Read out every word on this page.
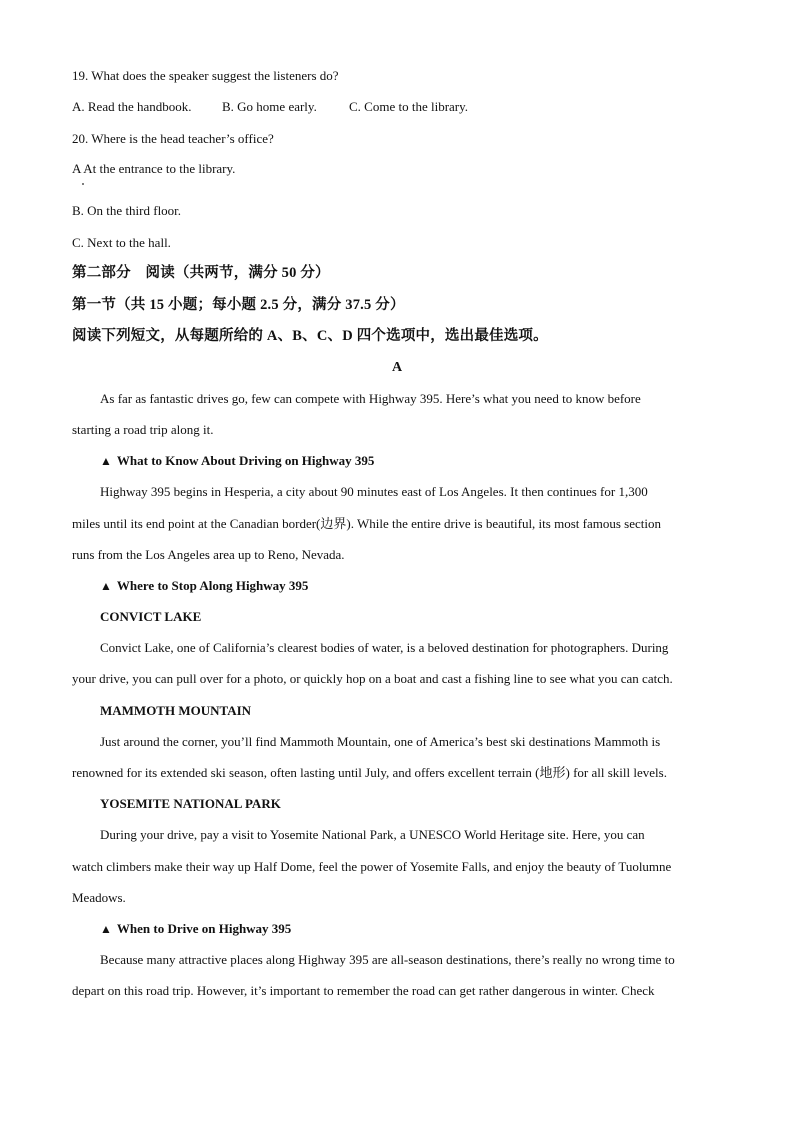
19. What does the speaker suggest the listeners do?
A. Read the handbook. B. Go home early. C. Come to the library.
20. Where is the head teacher’s office?
A At the entrance to the library.
B. On the third floor.
C. Next to the hall.
第二部分　阅读（共两节，满分 50 分）
第一节（共 15 小题；每小题 2.5 分，满分 37.5 分）
阅读下列短文，从每题所给的 A、B、C、D 四个选项中，选出最佳选项。
A
As far as fantastic drives go, few can compete with Highway 395. Here’s what you need to know before
starting a road trip along it.
▲ What to Know About Driving on Highway 395
Highway 395 begins in Hesperia, a city about 90 minutes east of Los Angeles. It then continues for 1,300
miles until its end point at the Canadian border(边界). While the entire drive is beautiful, its most famous section
runs from the Los Angeles area up to Reno, Nevada.
▲ Where to Stop Along Highway 395
CONVICT LAKE
Convict Lake, one of California’s clearest bodies of water, is a beloved destination for photographers. During
your drive, you can pull over for a photo, or quickly hop on a boat and cast a fishing line to see what you can catch.
MAMMOTH MOUNTAIN
Just around the corner, you’ll find Mammoth Mountain, one of America’s best ski destinations Mammoth is
renowned for its extended ski season, often lasting until July, and offers excellent terrain (地形) for all skill levels.
YOSEMITE NATIONAL PARK
During your drive, pay a visit to Yosemite National Park, a UNESCO World Heritage site. Here, you can
watch climbers make their way up Half Dome, feel the power of Yosemite Falls, and enjoy the beauty of Tuolumne
Meadows.
▲ When to Drive on Highway 395
Because many attractive places along Highway 395 are all-season destinations, there’s really no wrong time to
depart on this road trip. However, it’s important to remember the road can get rather dangerous in winter. Check
